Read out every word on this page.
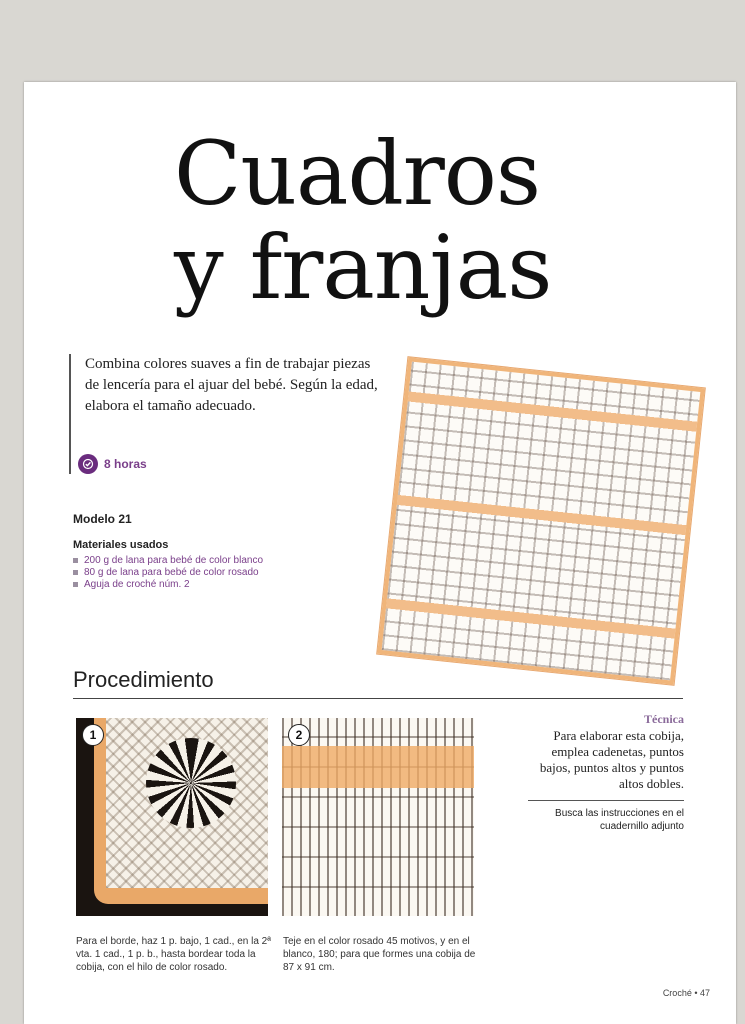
Cuadros
y franjas

Combina colores suaves a fin de trabajar piezas

de lencería para el ajuar del bebé. Según la edad,

elabora el tamaño adecuado.

8 horas
Modelo 21
Materiales usados
200 g de lana para bebé de color blanco
80 g de lana para bebé de color rosado
Aguja de croché núm. 2
Procedimiento
1	2
Técnica

Para elaborar esta cobija, emplea cadenetas, puntos bajos, puntos altos y puntos altos dobles.

Busca las instrucciones en el cuadernillo adjunto

Para el borde, haz 1 p. bajo, 1 cad., en la 2ª vta. 1 cad., 1 p. b., hasta bordear toda la cobija, con el hilo de color rosado.

Teje en el color rosado 45 motivos, y en el blanco, 180; para que formes una cobija de 87 x 91 cm.

Croché • 47
